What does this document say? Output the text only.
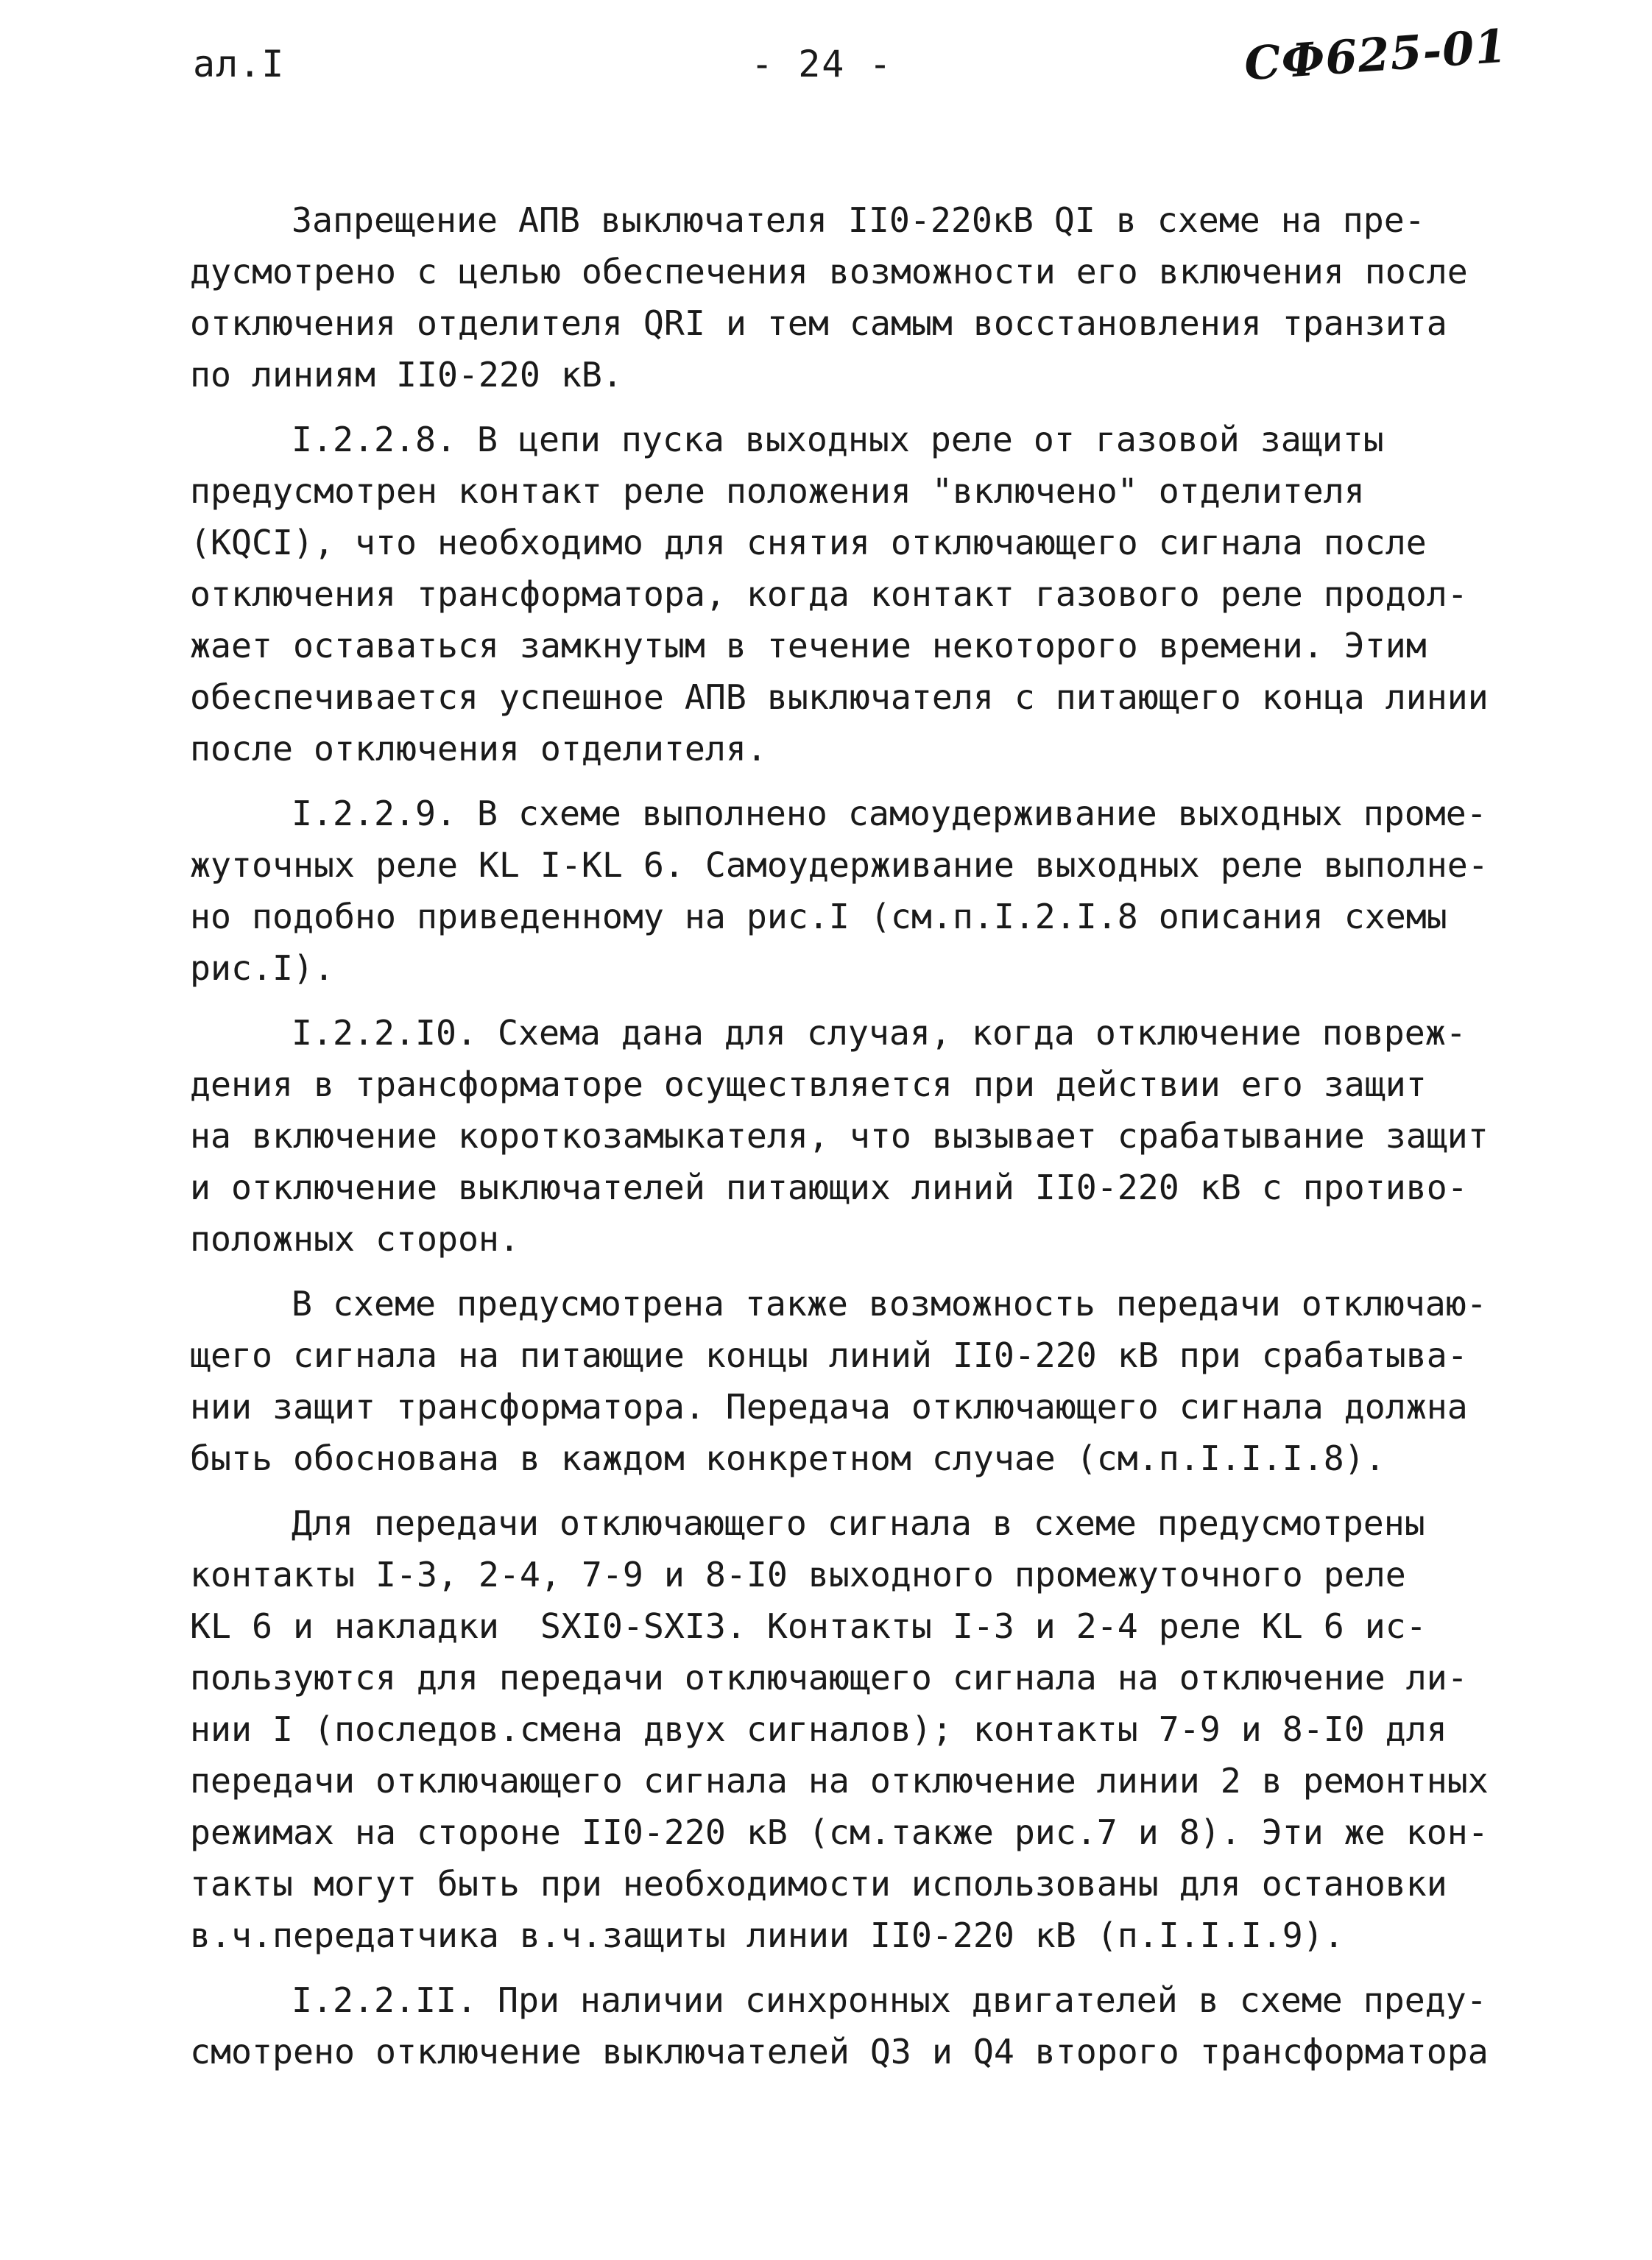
ал.I	- 24 -	СФ625-01
Запрещение АПВ выключателя II0-220кВ QI в схеме на пре-
дусмотрено с целью обеспечения возможности его включения после
отключения отделителя QRI и тем самым восстановления транзита
по линиям II0-220 кВ.
I.2.2.8. В цепи пуска выходных реле от газовой защиты
предусмотрен контакт реле положения "включено" отделителя
(KQCI), что необходимо для снятия отключающего сигнала после
отключения трансформатора, когда контакт газового реле продол-
жает оставаться замкнутым в течение некоторого времени. Этим
обеспечивается успешное АПВ выключателя с питающего конца линии
после отключения отделителя.
I.2.2.9. В схеме выполнено самоудерживание выходных проме-
жуточных реле KL I-KL 6. Самоудерживание выходных реле выполне-
но подобно приведенному на рис.I (см.п.I.2.I.8 описания схемы
рис.I).
I.2.2.I0. Схема дана для случая, когда отключение повреж-
дения в трансформаторе осуществляется при действии его защит
на включение короткозамыкателя, что вызывает срабатывание защит
и отключение выключателей питающих линий II0-220 кВ с противо-
положных сторон.
В схеме предусмотрена также возможность передачи отключаю-
щего сигнала на питающие концы линий II0-220 кВ при срабатыва-
нии защит трансформатора. Передача отключающего сигнала должна
быть обоснована в каждом конкретном случае (см.п.I.I.I.8).
Для передачи отключающего сигнала в схеме предусмотрены
контакты I-3, 2-4, 7-9 и 8-I0 выходного промежуточного реле
KL 6 и накладки  SXI0-SXI3. Контакты I-3 и 2-4 реле KL 6 ис-
пользуются для передачи отключающего сигнала на отключение ли-
нии I (последов.смена двух сигналов); контакты 7-9 и 8-I0 для
передачи отключающего сигнала на отключение линии 2 в ремонтных
режимах на стороне II0-220 кВ (см.также рис.7 и 8). Эти же кон-
такты могут быть при необходимости использованы для остановки
в.ч.передатчика в.ч.защиты линии II0-220 кВ (п.I.I.I.9).
I.2.2.II. При наличии синхронных двигателей в схеме преду-
смотрено отключение выключателей Q3 и Q4 второго трансформатора
